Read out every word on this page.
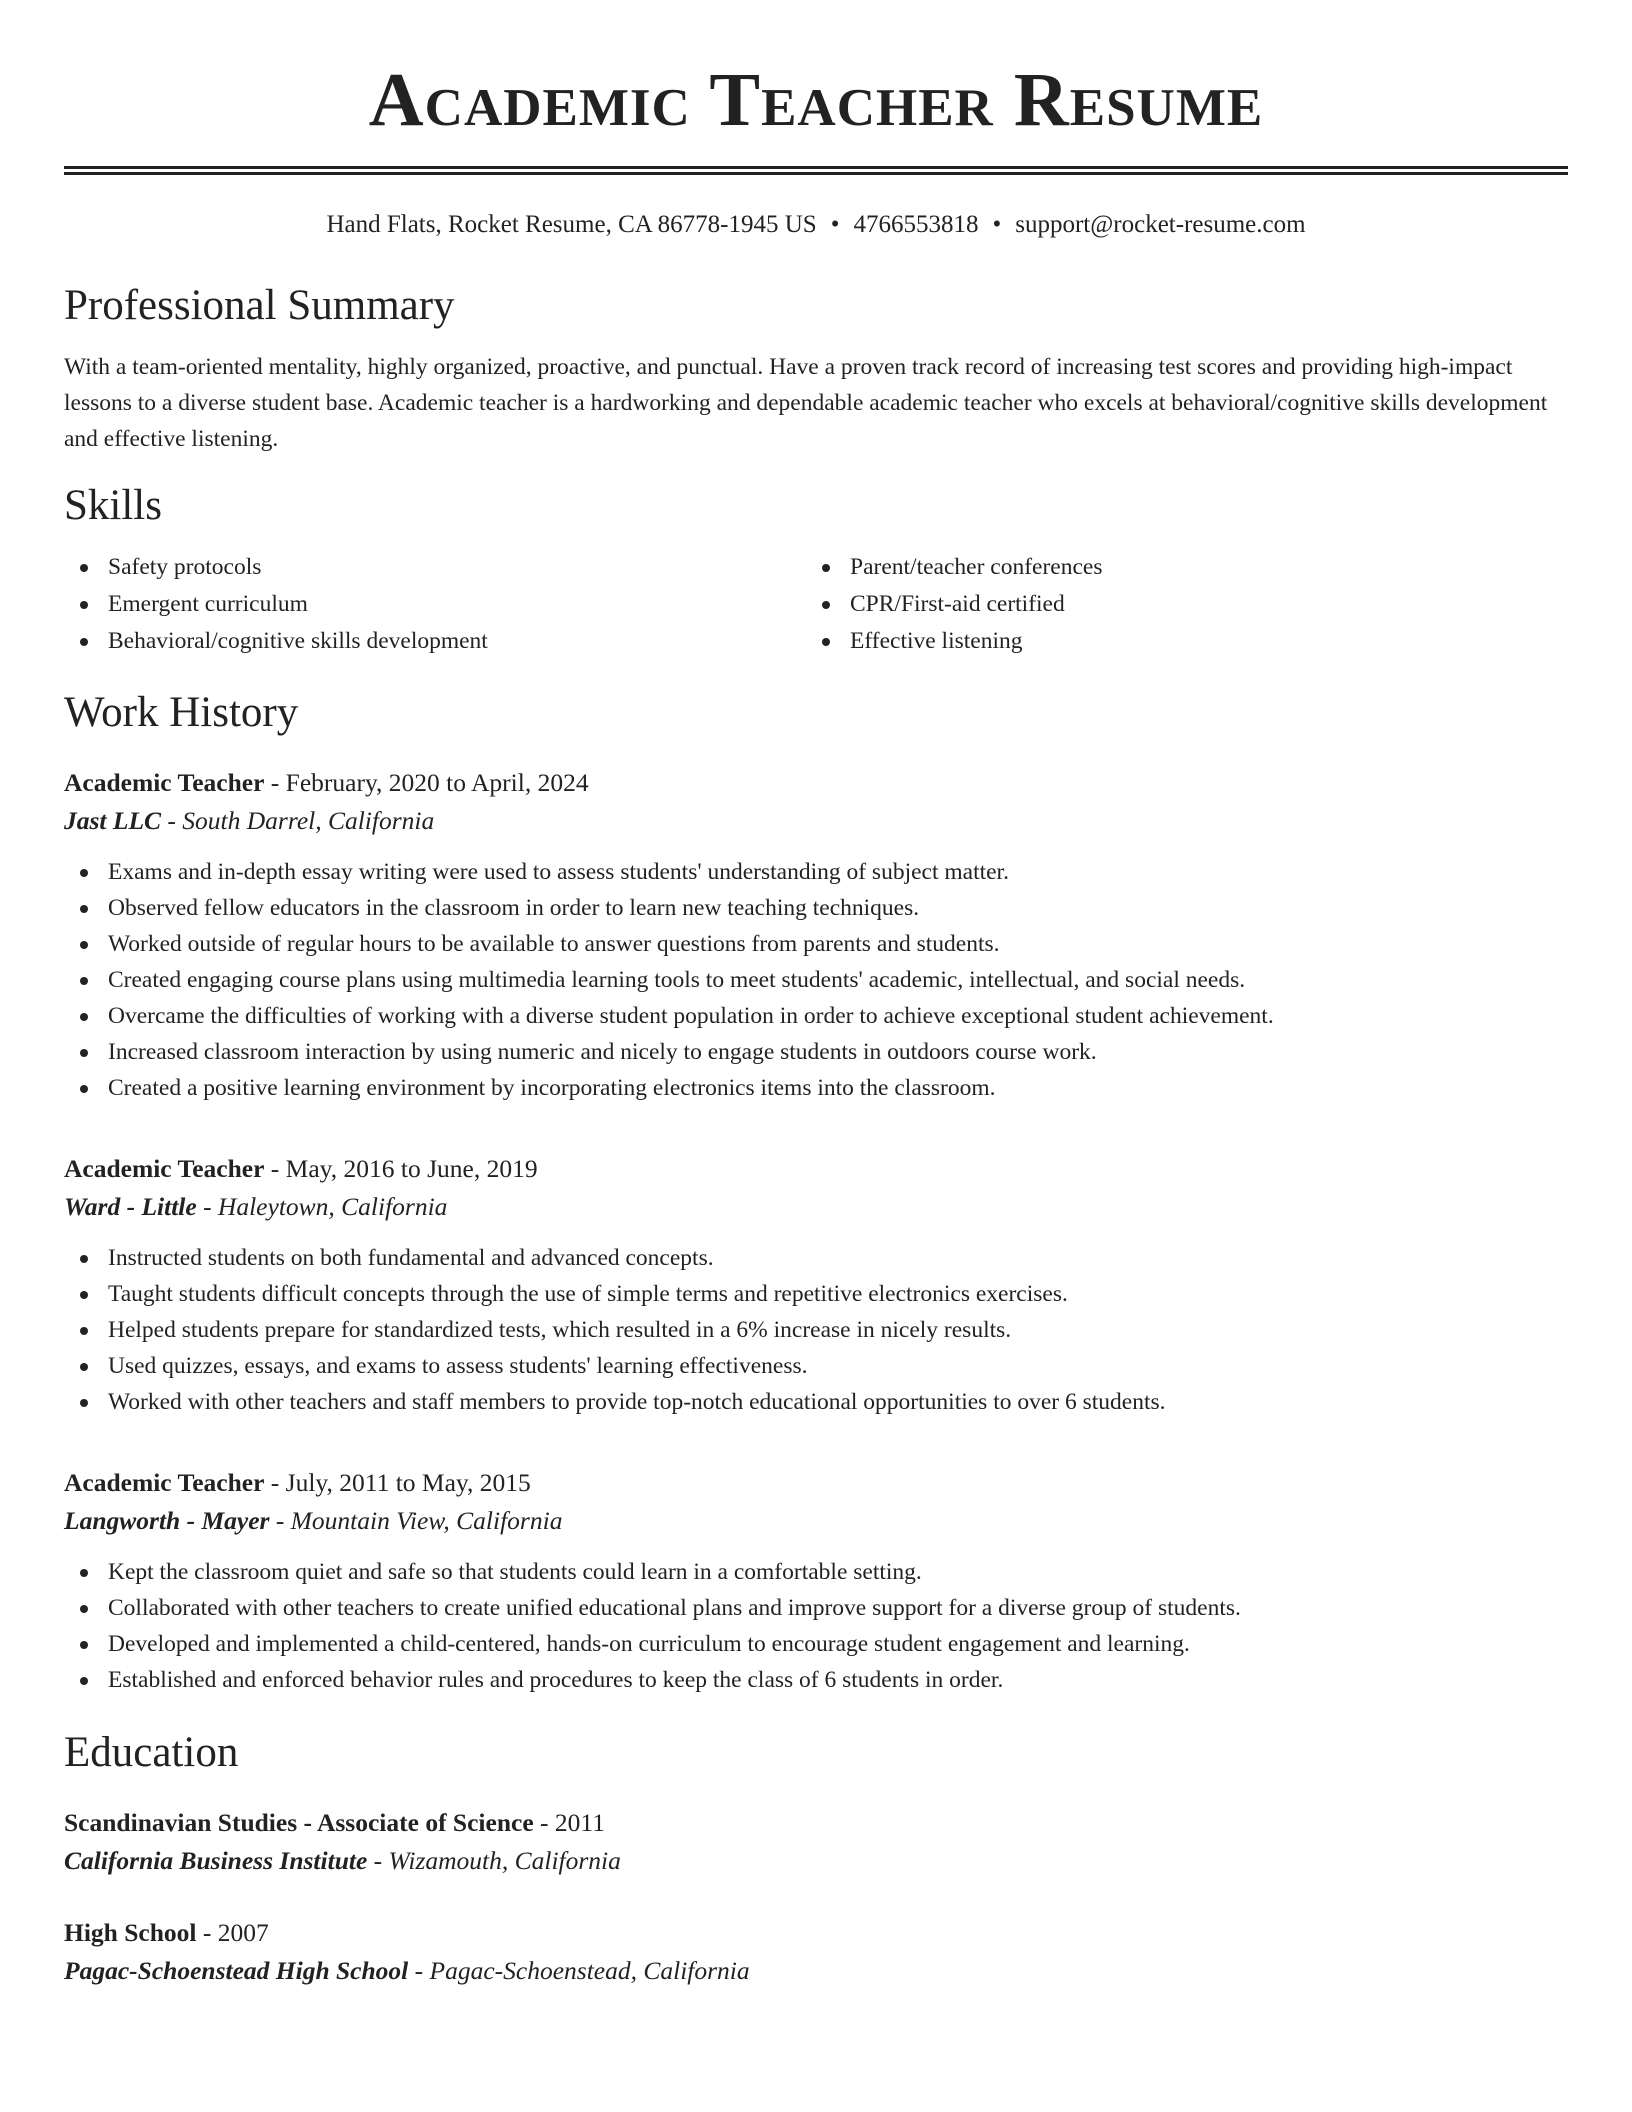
Academic Teacher Resume
Hand Flats, Rocket Resume, CA 86778-1945 US • 4766553818 • support@rocket-resume.com
Professional Summary
With a team-oriented mentality, highly organized, proactive, and punctual. Have a proven track record of increasing test scores and providing high-impact lessons to a diverse student base. Academic teacher is a hardworking and dependable academic teacher who excels at behavioral/cognitive skills development and effective listening.
Skills
Safety protocols
Emergent curriculum
Behavioral/cognitive skills development
Parent/teacher conferences
CPR/First-aid certified
Effective listening
Work History
Academic Teacher - February, 2020 to April, 2024
Jast LLC - South Darrel, California
Exams and in-depth essay writing were used to assess students' understanding of subject matter.
Observed fellow educators in the classroom in order to learn new teaching techniques.
Worked outside of regular hours to be available to answer questions from parents and students.
Created engaging course plans using multimedia learning tools to meet students' academic, intellectual, and social needs.
Overcame the difficulties of working with a diverse student population in order to achieve exceptional student achievement.
Increased classroom interaction by using numeric and nicely to engage students in outdoors course work.
Created a positive learning environment by incorporating electronics items into the classroom.
Academic Teacher - May, 2016 to June, 2019
Ward - Little - Haleytown, California
Instructed students on both fundamental and advanced concepts.
Taught students difficult concepts through the use of simple terms and repetitive electronics exercises.
Helped students prepare for standardized tests, which resulted in a 6% increase in nicely results.
Used quizzes, essays, and exams to assess students' learning effectiveness.
Worked with other teachers and staff members to provide top-notch educational opportunities to over 6 students.
Academic Teacher - July, 2011 to May, 2015
Langworth - Mayer - Mountain View, California
Kept the classroom quiet and safe so that students could learn in a comfortable setting.
Collaborated with other teachers to create unified educational plans and improve support for a diverse group of students.
Developed and implemented a child-centered, hands-on curriculum to encourage student engagement and learning.
Established and enforced behavior rules and procedures to keep the class of 6 students in order.
Education
Scandinavian Studies - Associate of Science - 2011
California Business Institute - Wizamouth, California
High School - 2007
Pagac-Schoenstead High School - Pagac-Schoenstead, California
